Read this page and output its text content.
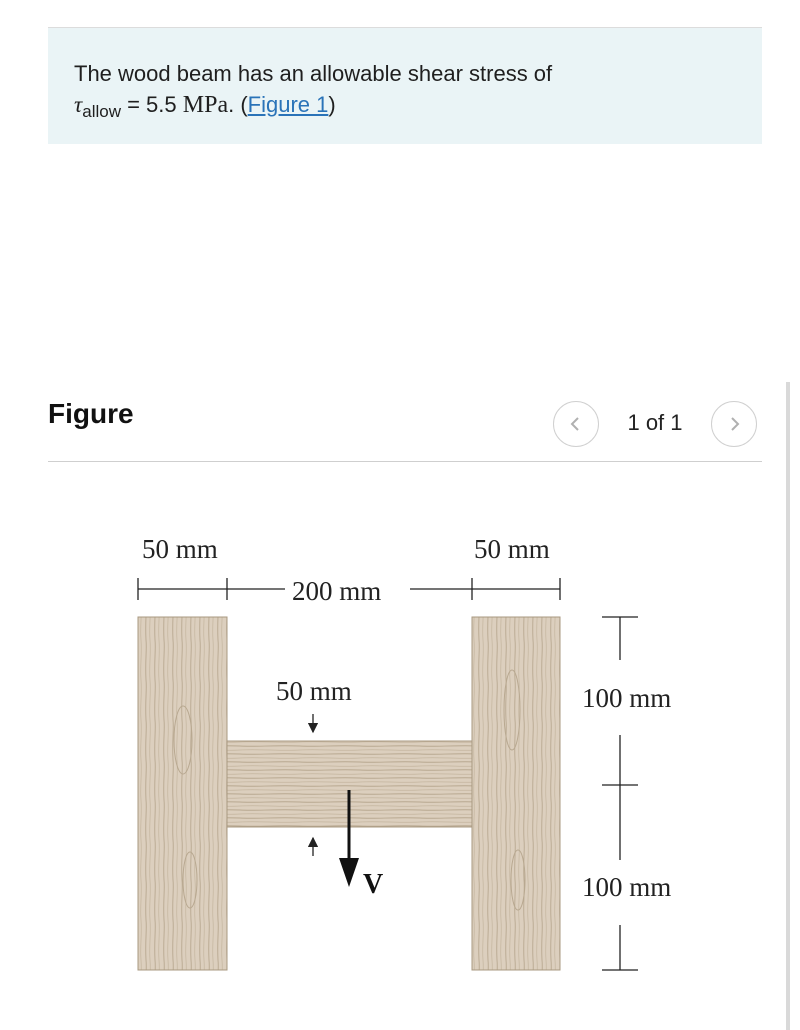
The wood beam has an allowable shear stress of
$\tau_{allow} = 5.5$ MPa. (Figure 1)
Figure	1 of 1
50 mm	50 mm
200 mm
50 mm
V
100 mm
100 mm
